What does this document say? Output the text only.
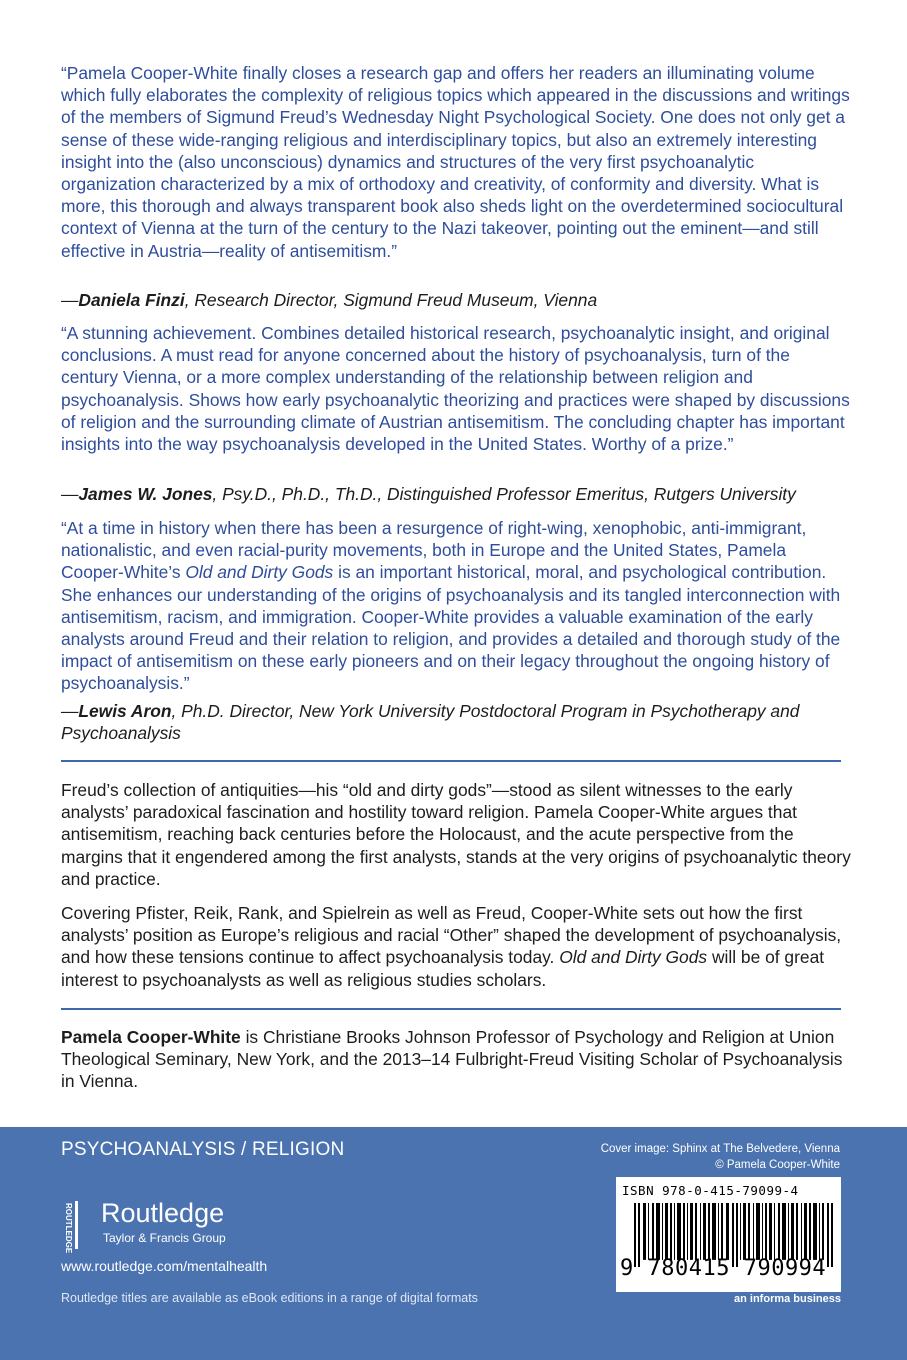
“Pamela Cooper-White finally closes a research gap and offers her readers an illuminating volume which fully elaborates the complexity of religious topics which appeared in the discussions and writings of the members of Sigmund Freud’s Wednesday Night Psychological Society. One does not only get a sense of these wide-ranging religious and interdisciplinary topics, but also an extremely interesting insight into the (also unconscious) dynamics and structures of the very first psychoanalytic organization characterized by a mix of orthodoxy and creativity, of conformity and diversity. What is more, this thorough and always transparent book also sheds light on the overdetermined sociocultural context of Vienna at the turn of the century to the Nazi takeover, pointing out the eminent—and still effective in Austria—reality of antisemitism.”

—Daniela Finzi, Research Director, Sigmund Freud Museum, Vienna

“A stunning achievement. Combines detailed historical research, psychoanalytic insight, and original conclusions. A must read for anyone concerned about the history of psychoanalysis, turn of the century Vienna, or a more complex understanding of the relationship between religion and psychoanalysis. Shows how early psychoanalytic theorizing and practices were shaped by discussions of religion and the surrounding climate of Austrian antisemitism. The concluding chapter has important insights into the way psychoanalysis developed in the United States. Worthy of a prize.”

—James W. Jones, Psy.D., Ph.D., Th.D., Distinguished Professor Emeritus, Rutgers University

“At a time in history when there has been a resurgence of right-wing, xenophobic, anti-immigrant, nationalistic, and even racial-purity movements, both in Europe and the United States, Pamela Cooper-White’s Old and Dirty Gods is an important historical, moral, and psychological contribution. She enhances our understanding of the origins of psychoanalysis and its tangled interconnection with antisemitism, racism, and immigration. Cooper-White provides a valuable examination of the early analysts around Freud and their relation to religion, and provides a detailed and thorough study of the impact of antisemitism on these early pioneers and on their legacy throughout the ongoing history of psychoanalysis.”

—Lewis Aron, Ph.D. Director, New York University Postdoctoral Program in Psychotherapy and Psychoanalysis

Freud’s collection of antiquities—his “old and dirty gods”—stood as silent witnesses to the early analysts’ paradoxical fascination and hostility toward religion. Pamela Cooper-White argues that antisemitism, reaching back centuries before the Holocaust, and the acute perspective from the margins that it engendered among the first analysts, stands at the very origins of psychoanalytic theory and practice.

Covering Pfister, Reik, Rank, and Spielrein as well as Freud, Cooper-White sets out how the first analysts’ position as Europe’s religious and racial “Other” shaped the development of psychoanalysis, and how these tensions continue to affect psychoanalysis today. Old and Dirty Gods will be of great interest to psychoanalysts as well as religious studies scholars.

Pamela Cooper-White is Christiane Brooks Johnson Professor of Psychology and Religion at Union Theological Seminary, New York, and the 2013–14 Fulbright-Freud Visiting Scholar of Psychoanalysis in Vienna.
PSYCHOANALYSIS / RELIGION
ROUTLEDGE Routledge
Taylor & Francis Group
www.routledge.com/mentalhealth
Routledge titles are available as eBook editions in a range of digital formats
Cover image: Sphinx at The Belvedere, Vienna
© Pamela Cooper-White
ISBN 978-0-415-79099-4
9 780415 790994
an informa business
